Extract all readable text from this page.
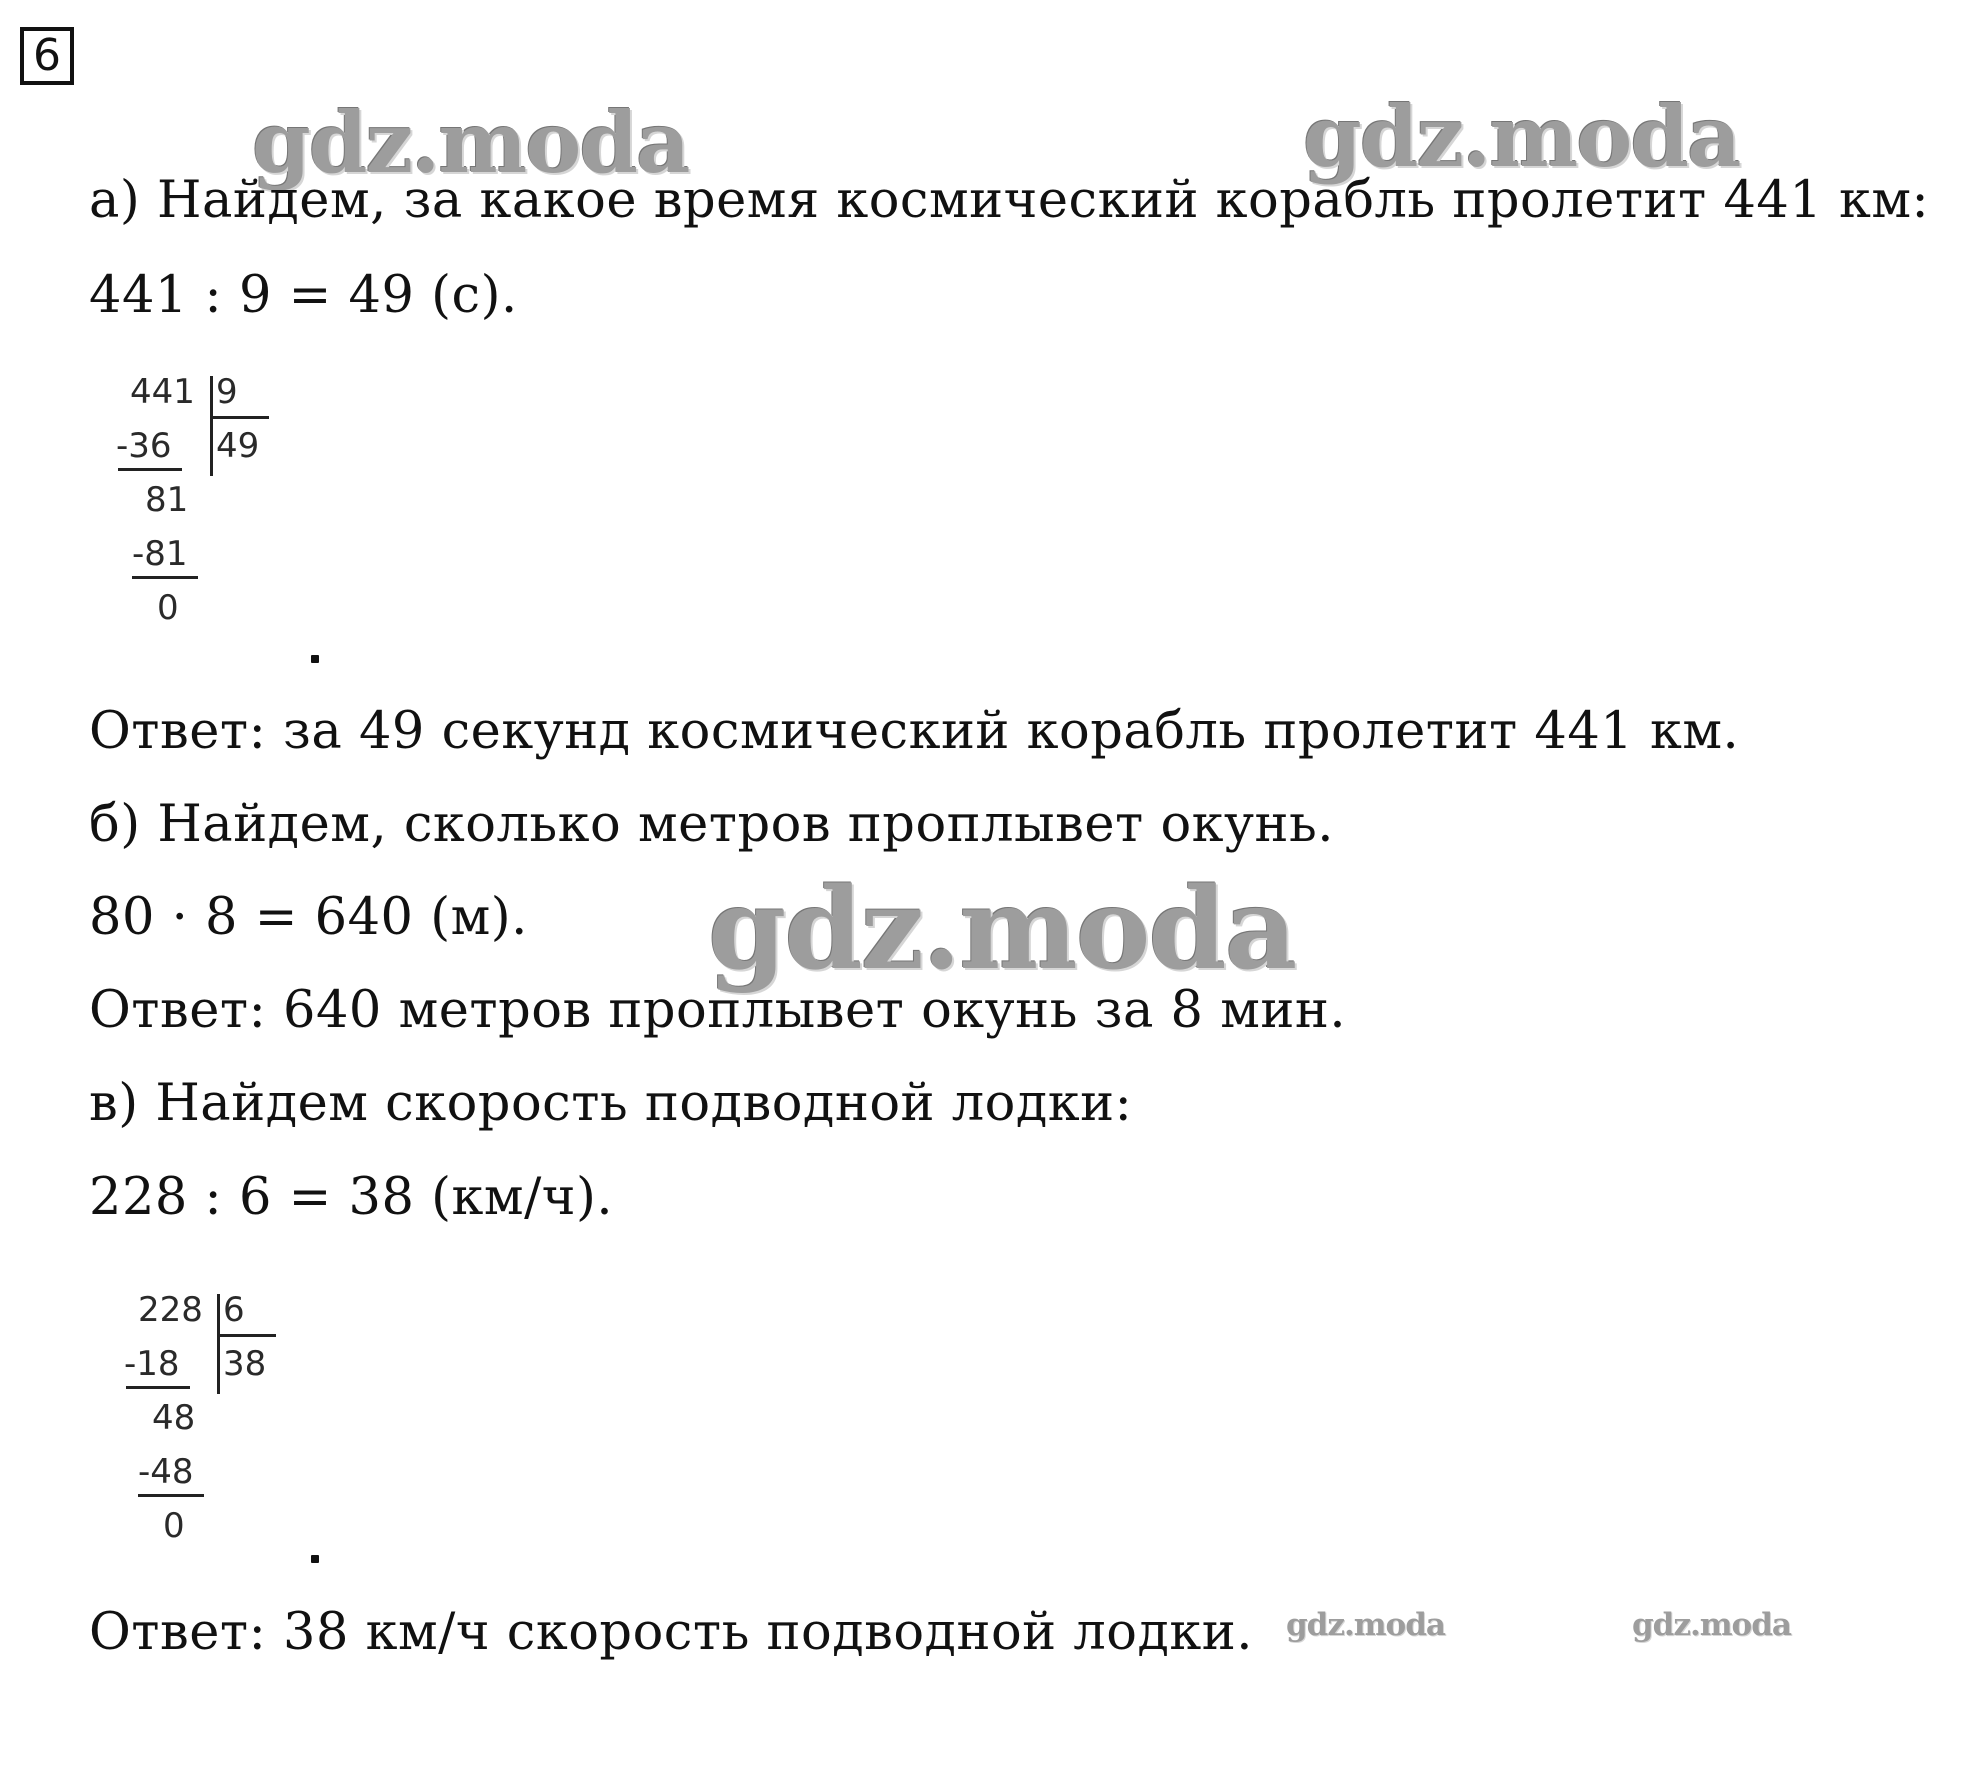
6
gdz.moda	gdz.moda
а) Найдем, за какое время космический корабль пролетит 441 км:
441 : 9 = 49 (с).
441 9
49
-36
81
-81
0
Ответ: за 49 секунд космический корабль пролетит 441 км.
б) Найдем, сколько метров проплывет окунь.
80 · 8 = 640 (м). gdz.moda
Ответ: 640 метров проплывет окунь за 8 мин.
в) Найдем скорость подводной лодки:
228 : 6 = 38 (км/ч).
228 6
38
-18
48
-48
0
Ответ: 38 км/ч скорость подводной лодки. gdz.moda	gdz.moda
